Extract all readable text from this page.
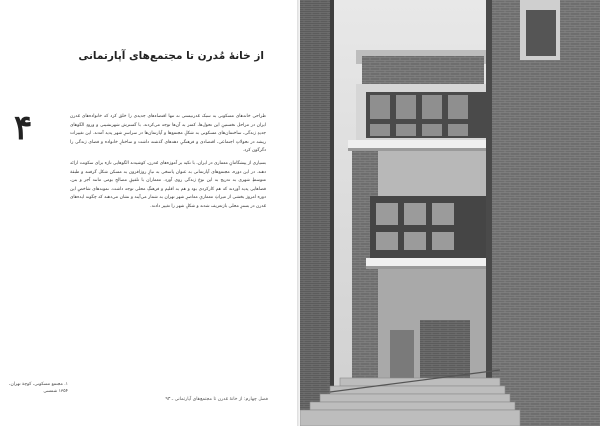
از خانهٔ مُدرن تا مجتمع‌های آپارتمانی
۴	طراحی خانه‌های مسکونی به سبک مُدرنیستی نه تنها اقتضاءهای جدیدی را خلق کرد که خانواده‌های مُدرن ایران در مراحل نخستینِ این تحول‌ها، کمتر به آن‌ها توجه می‌کردند. با گسترش شهرنشینی و ورودِ الگوهای جدیدِ زندگی، ساختمان‌های مسکونی به شکلِ مجتمع‌ها و آپارتمان‌ها در سراسرِ شهر پدید آمدند. این تغییرات ریشه در تحولاتِ اجتماعی، اقتصادی و فرهنگیِ دهه‌های گذشته داشت و ساختارِ خانواده و فضای زندگی را دگرگون کرد.

بسیاری از پیشگامانِ معماری در ایران، با تکیه بر آموزه‌های مُدرن، کوشیدند الگوهایی تازه برای سکونت ارائه دهند. در این دوره، مجتمع‌های آپارتمانی به عنوان پاسخی به نیازِ روزافزون به مسکن شکل گرفتند و طبقهٔ متوسطِ شهری به تدریج به این نوعِ زندگی روی آورد. معماران با تلفیقِ مصالحِ بومی مانند آجر و بتن، فضاهایی پدید آوردند که هم کارکردی بود و هم به اقلیم و فرهنگِ محلی توجه داشت. نمونه‌های شاخصِ این دوره امروز بخشی از میراثِ معماریِ معاصرِ شهر تهران به شمار می‌آیند و نشان می‌دهند که چگونه ایده‌های مُدرن در بسترِ محلی بازتعریف شدند و شکلِ شهر را تغییر دادند.

۱. مجتمع مسکونی، کوچهٔ تهران، ۱۳۵۴ شمسی
فصل چهارم: از خانهٔ مُدرن تا مجتمع‌های آپارتمانی ـ ۹۳
